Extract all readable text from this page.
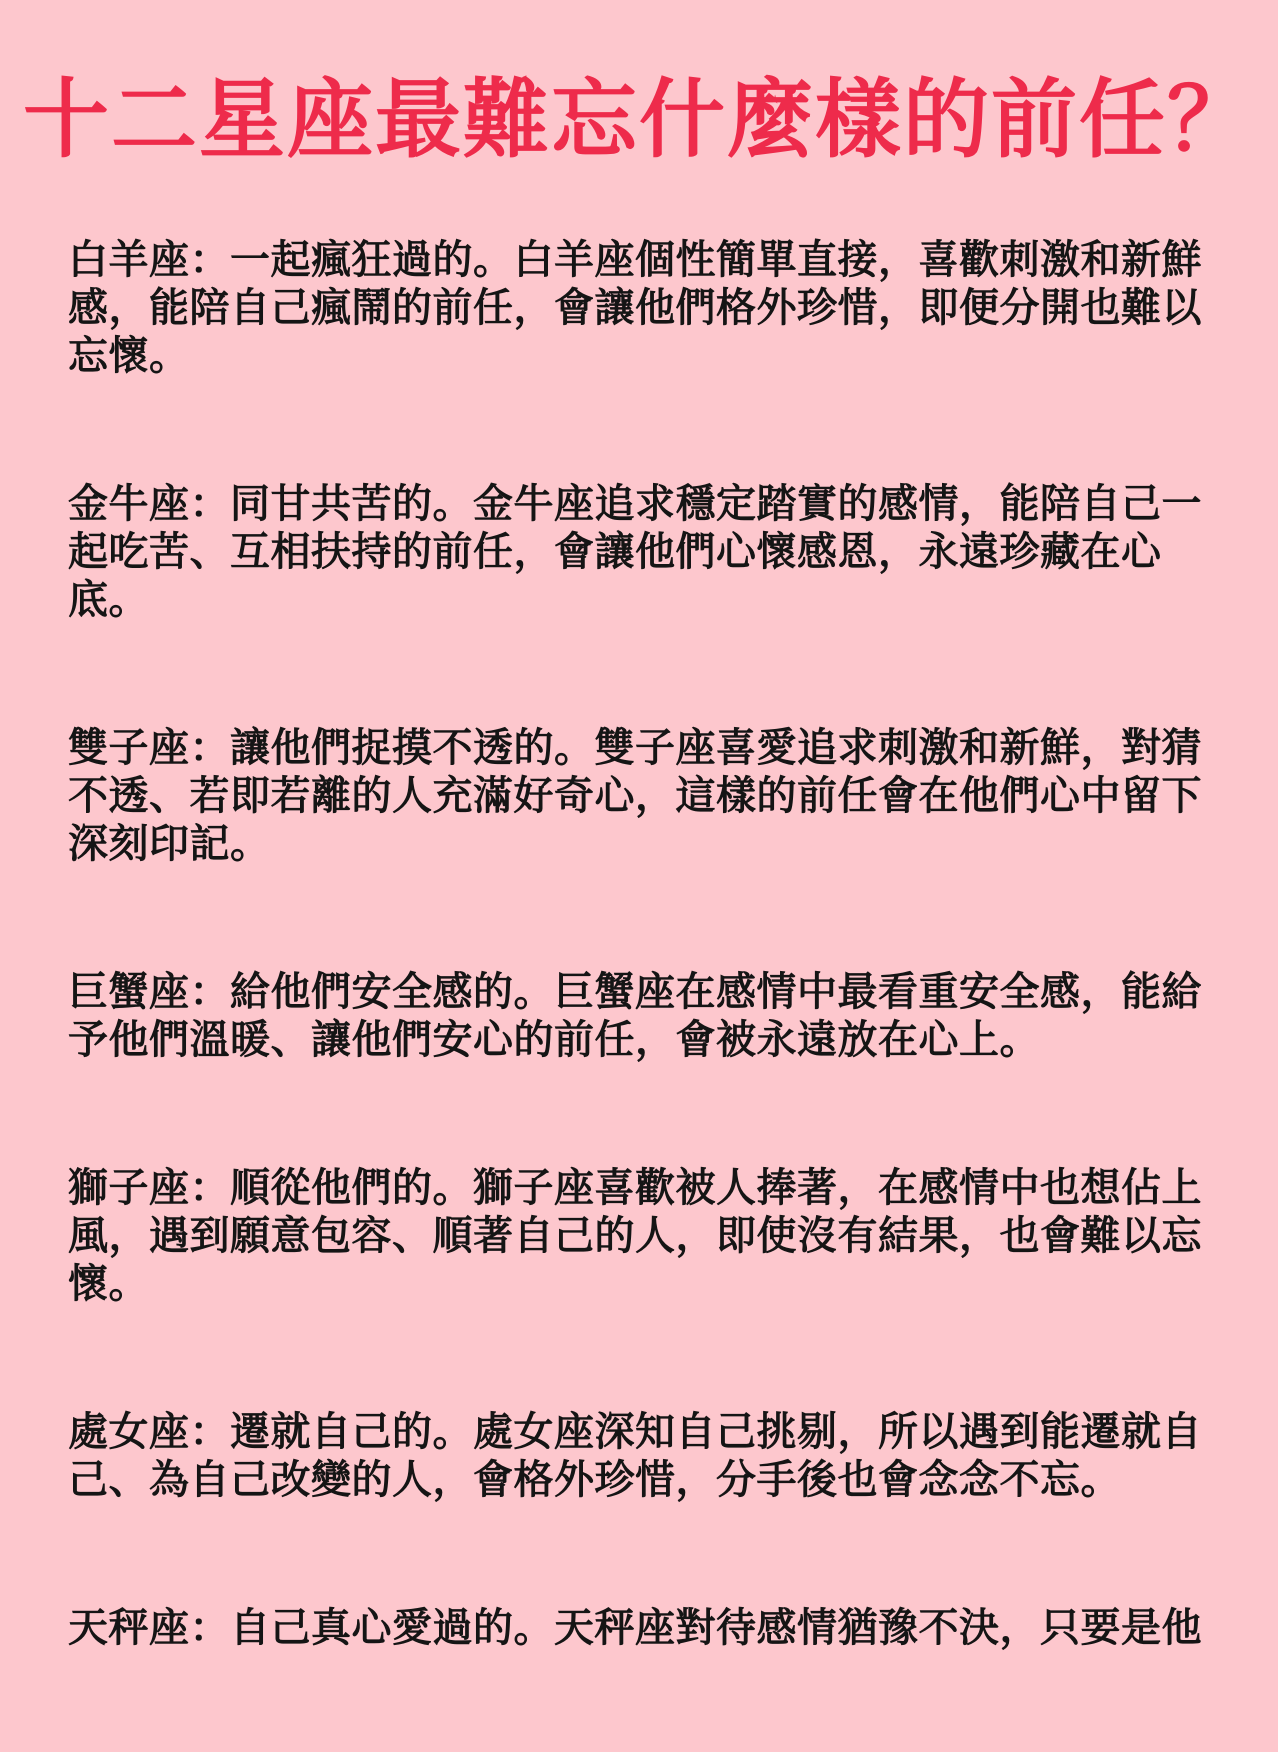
十二星座最難忘什麼樣的前任？

白羊座：一起瘋狂過的。白羊座個性簡單直接，喜歡刺激和新鮮感，能陪自己瘋鬧的前任，會讓他們格外珍惜，即便分開也難以忘懷。

金牛座：同甘共苦的。金牛座追求穩定踏實的感情，能陪自己一起吃苦、互相扶持的前任，會讓他們心懷感恩，永遠珍藏在心底。

雙子座：讓他們捉摸不透的。雙子座喜愛追求刺激和新鮮，對猜不透、若即若離的人充滿好奇心，這樣的前任會在他們心中留下深刻印記。

巨蟹座：給他們安全感的。巨蟹座在感情中最看重安全感，能給予他們溫暖、讓他們安心的前任，會被永遠放在心上。

獅子座：順從他們的。獅子座喜歡被人捧著，在感情中也想佔上風，遇到願意包容、順著自己的人，即使沒有結果，也會難以忘懷。

處女座：遷就自己的。處女座深知自己挑剔，所以遇到能遷就自己、為自己改變的人，會格外珍惜，分手後也會念念不忘。

天秤座：自己真心愛過的。天秤座對待感情猶豫不決，只要是他
